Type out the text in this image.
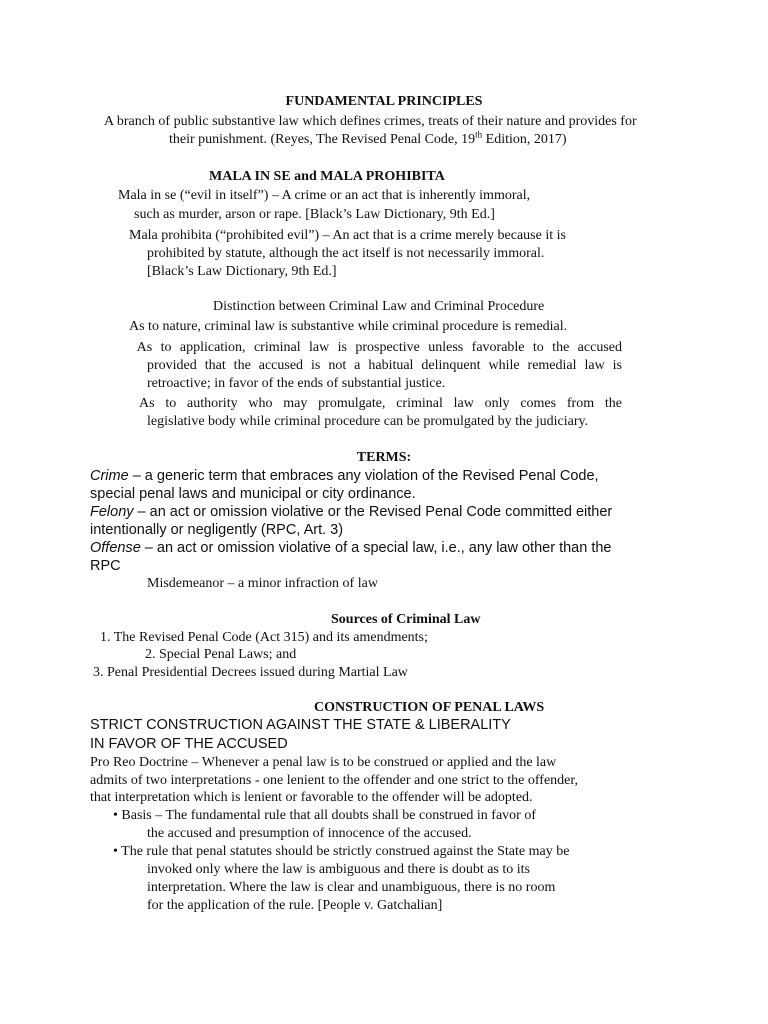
FUNDAMENTAL PRINCIPLES
A branch of public substantive law which defines crimes, treats of their nature and provides for
their punishment. (Reyes, The Revised Penal Code, 19th Edition, 2017)
MALA IN SE and MALA PROHIBITA
Mala in se (“evil in itself”) – A crime or an act that is inherently immoral,
such as murder, arson or rape. [Black’s Law Dictionary, 9th Ed.]
Mala prohibita (“prohibited evil”) – An act that is a crime merely because it is
prohibited by statute, although the act itself is not necessarily immoral.
[Black’s Law Dictionary, 9th Ed.]
Distinction between Criminal Law and Criminal Procedure
As to nature, criminal law is substantive while criminal procedure is remedial.
As to application, criminal law is prospective unless favorable to the accused
provided that the accused is not a habitual delinquent while remedial law is
retroactive; in favor of the ends of substantial justice.
As to authority who may promulgate, criminal law only comes from the
legislative body while criminal procedure can be promulgated by the judiciary.
TERMS:
Crime – a generic term that embraces any violation of the Revised Penal Code,
special penal laws and municipal or city ordinance.
Felony – an act or omission violative or the Revised Penal Code committed either
intentionally or negligently (RPC, Art. 3)
Offense – an act or omission violative of a special law, i.e., any law other than the
RPC
Misdemeanor – a minor infraction of law
Sources of Criminal Law
1. The Revised Penal Code (Act 315) and its amendments;
2. Special Penal Laws; and
3. Penal Presidential Decrees issued during Martial Law
CONSTRUCTION OF PENAL LAWS
STRICT CONSTRUCTION AGAINST THE STATE & LIBERALITY
IN FAVOR OF THE ACCUSED
Pro Reo Doctrine – Whenever a penal law is to be construed or applied and the law
admits of two interpretations - one lenient to the offender and one strict to the offender,
that interpretation which is lenient or favorable to the offender will be adopted.
• Basis – The fundamental rule that all doubts shall be construed in favor of
the accused and presumption of innocence of the accused.
• The rule that penal statutes should be strictly construed against the State may be
invoked only where the law is ambiguous and there is doubt as to its
interpretation. Where the law is clear and unambiguous, there is no room
for the application of the rule. [People v. Gatchalian]
